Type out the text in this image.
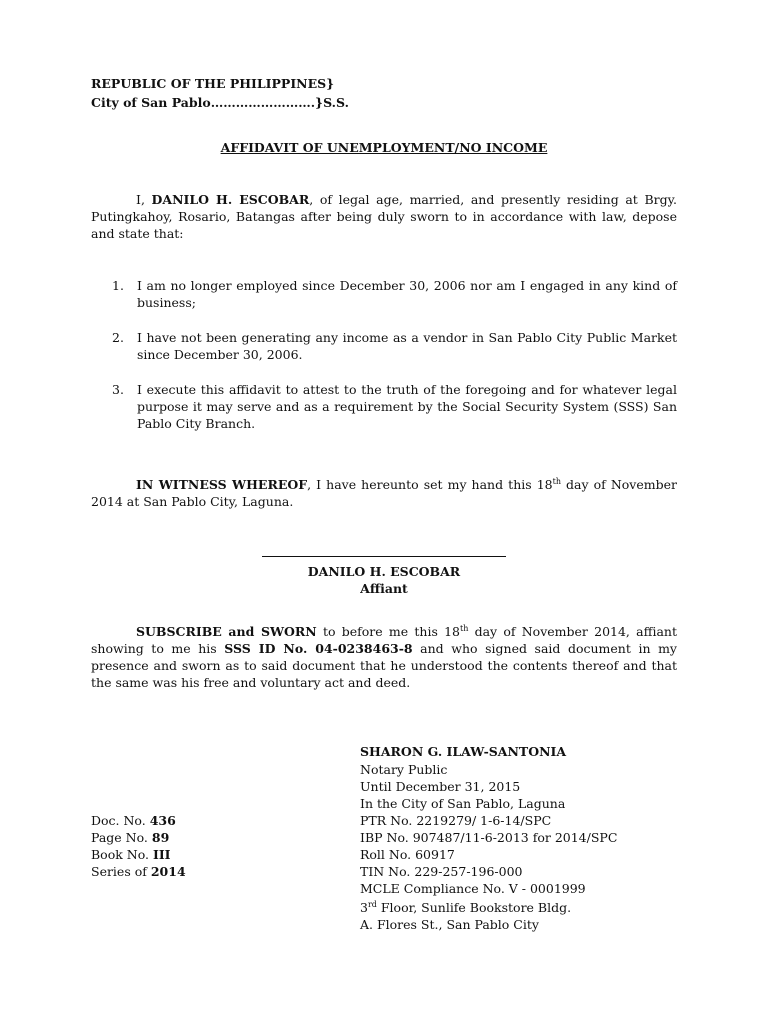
REPUBLIC OF THE PHILIPPINES}
City of San Pablo…………………….}S.S.
AFFIDAVIT OF UNEMPLOYMENT/NO INCOME
I, DANILO H. ESCOBAR, of legal age, married, and presently residing at Brgy. Putingkahoy, Rosario, Batangas after being duly sworn to in accordance with law, depose and state that:
1. I am no longer employed since December 30, 2006 nor am I engaged in any kind of business;
2. I have not been generating any income as a vendor in San Pablo City Public Market since December 30, 2006.
3. I execute this affidavit to attest to the truth of the foregoing and for whatever legal purpose it may serve and as a requirement by the Social Security System (SSS) San Pablo City Branch.
IN WITNESS WHEREOF, I have hereunto set my hand this 18th day of November 2014 at San Pablo City, Laguna.
DANILO H. ESCOBAR
Affiant
SUBSCRIBE and SWORN to before me this 18th day of November 2014, affiant showing to me his SSS ID No. 04-0238463-8 and who signed said document in my presence and sworn as to said document that he understood the contents thereof and that the same was his free and voluntary act and deed.
SHARON G. ILAW-SANTONIA
Notary Public
Until December 31, 2015
In the City of San Pablo, Laguna
PTR No. 2219279/ 1-6-14/SPC
IBP No. 907487/11-6-2013 for 2014/SPC
Roll No. 60917
TIN No. 229-257-196-000
MCLE Compliance No. V - 0001999
3rd Floor, Sunlife Bookstore Bldg.
A. Flores St., San Pablo City
Doc. No. 436
Page No. 89
Book No. III
Series of 2014
